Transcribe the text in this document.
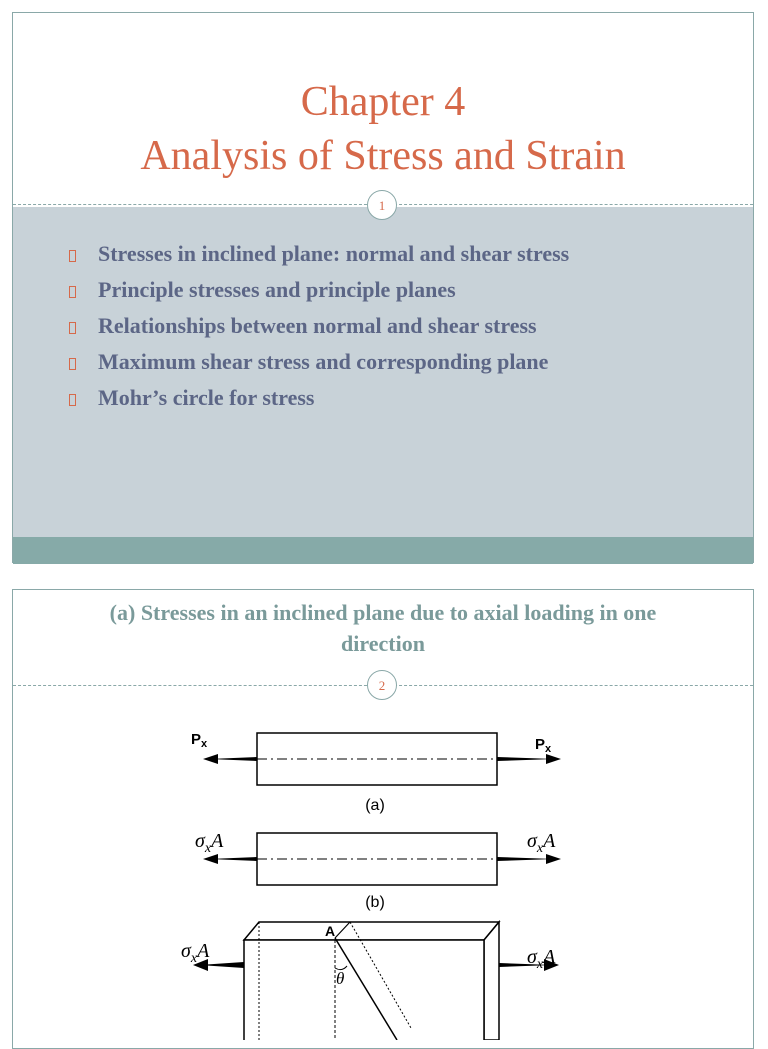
Chapter 4
Analysis of Stress and Strain
Stresses in inclined plane: normal and shear stress
Principle stresses and principle planes
Relationships between normal and shear stress
Maximum shear stress and corresponding plane
Mohr’s circle for stress
1
(a) Stresses in an inclined plane due to axial loading in one
direction
2
$P_x$	$P_x$
(a)
$\sigma_xA$	$\sigma_xA$
(b)
A
θ
$\sigma_xA$	$\sigma_xA$
